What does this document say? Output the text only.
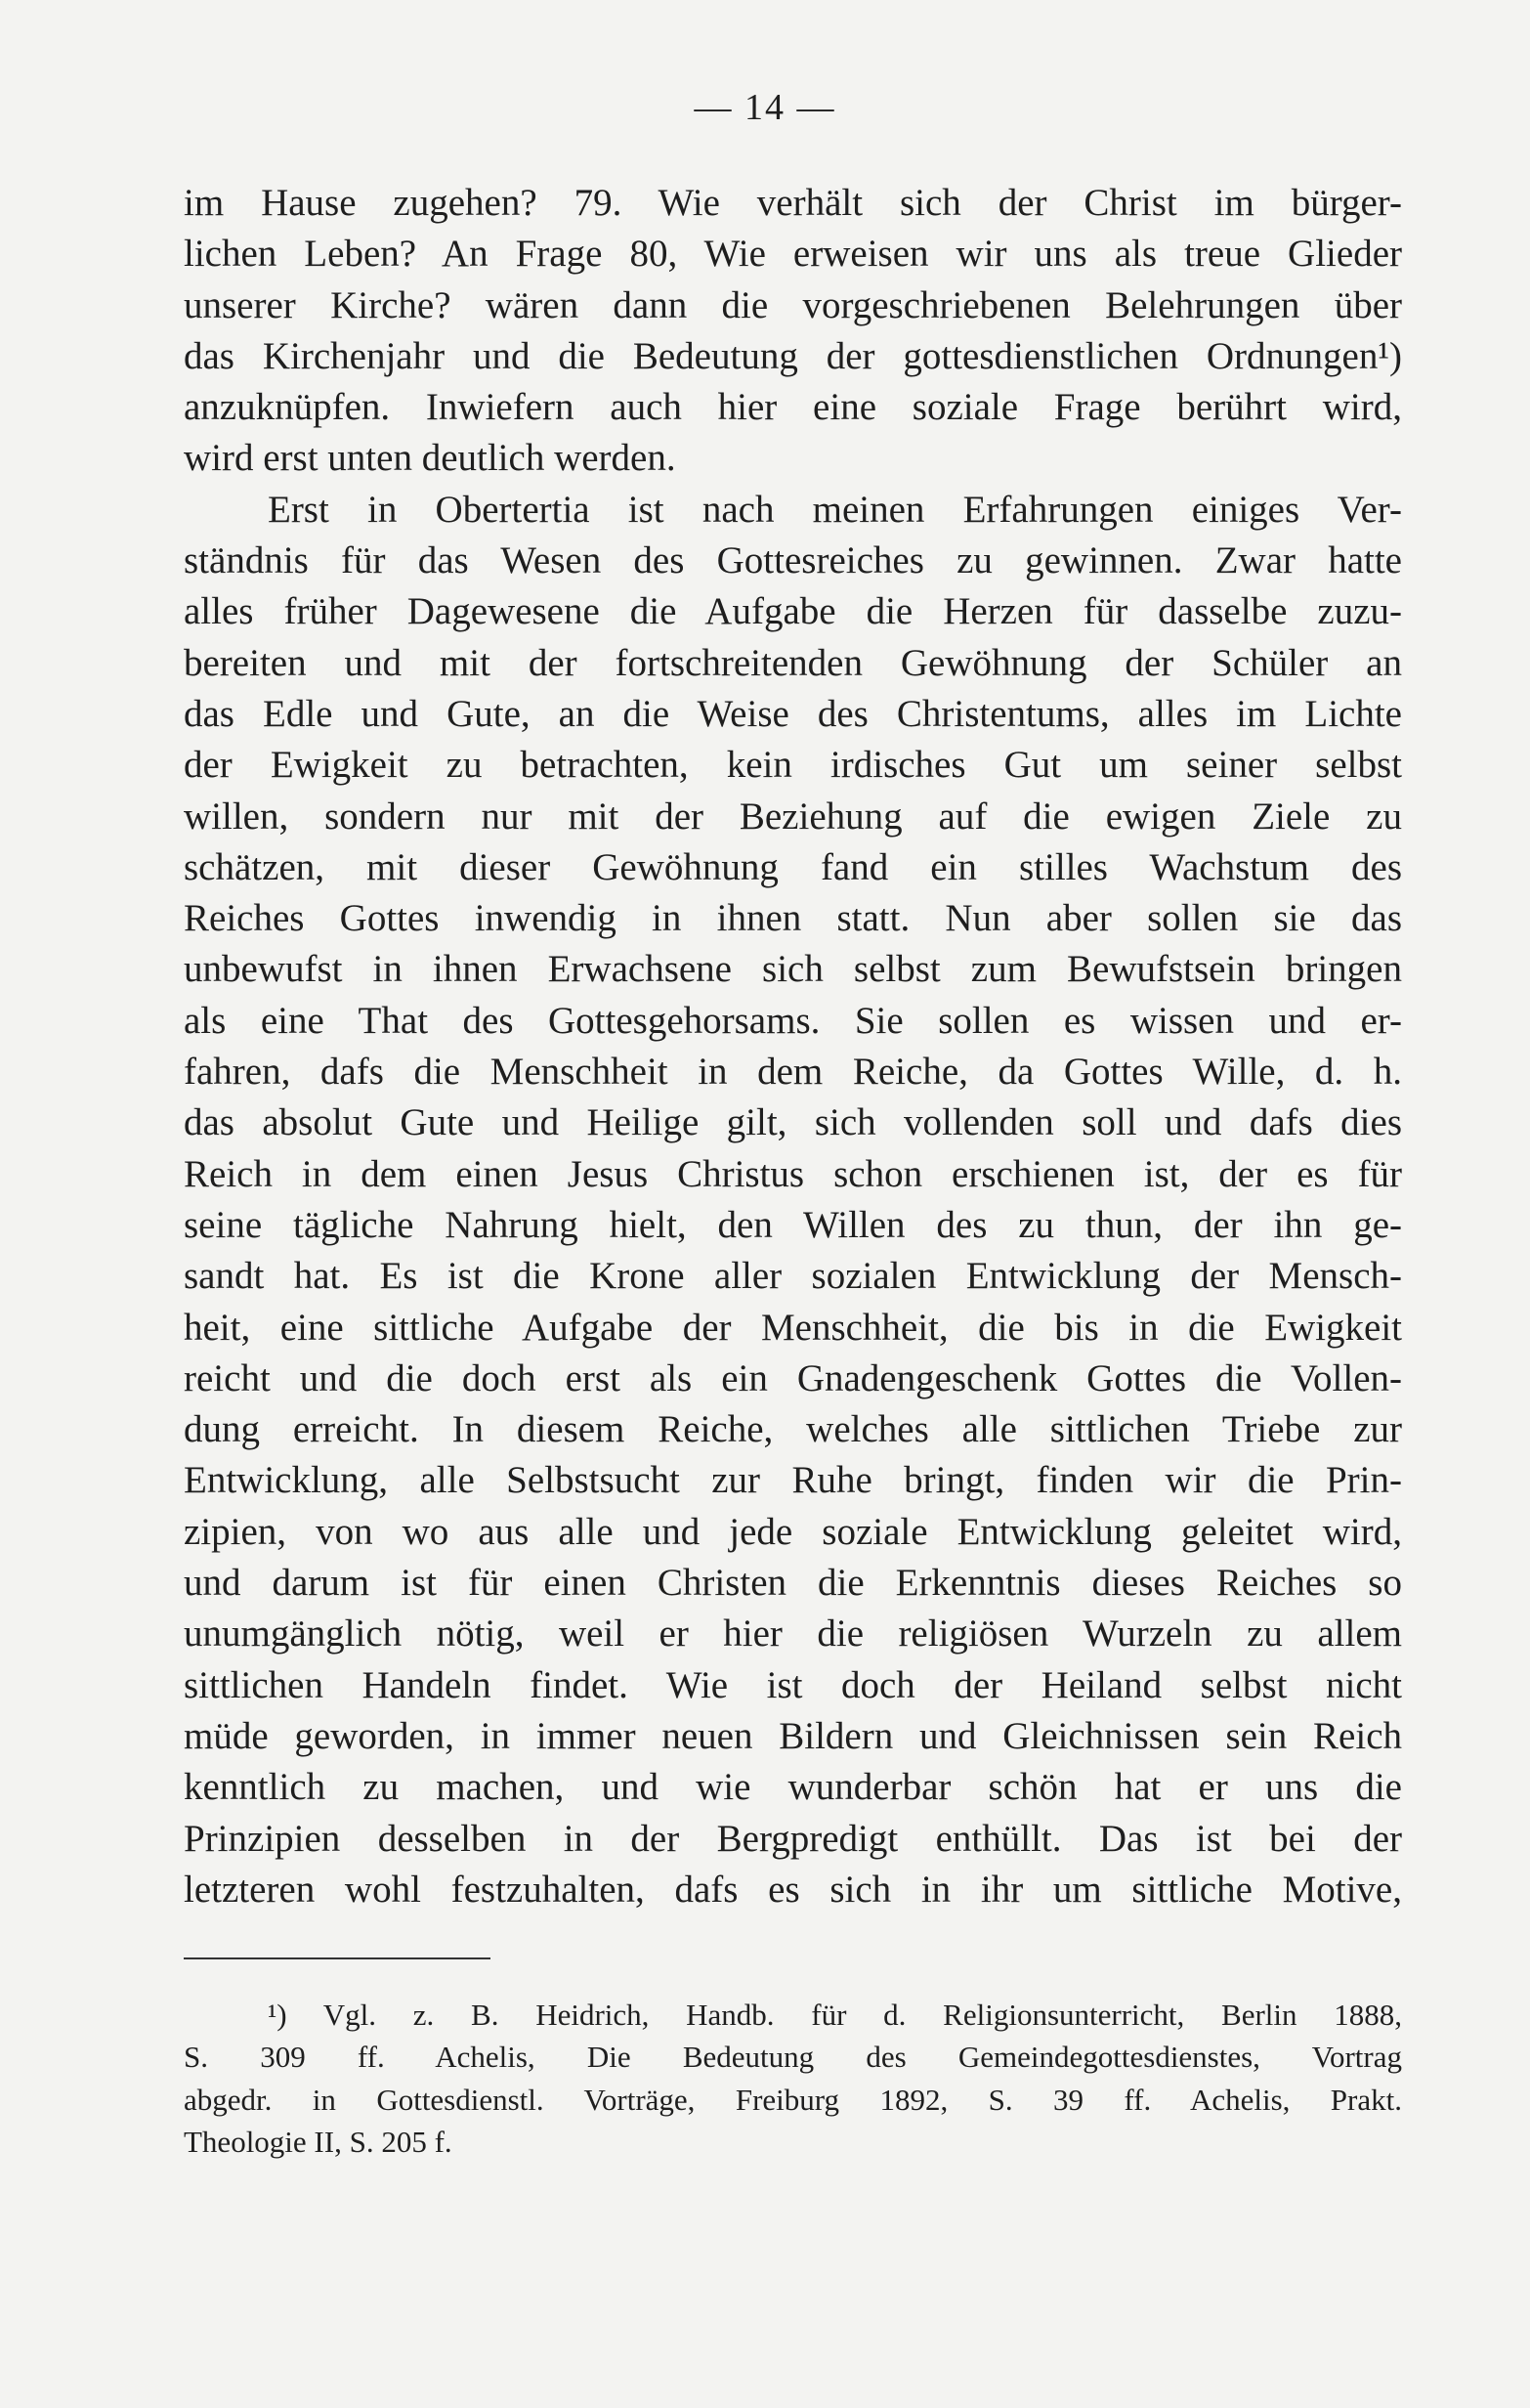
— 14 —
im Hause zugehen? 79. Wie verhält sich der Christ im bürger-
lichen Leben? An Frage 80, Wie erweisen wir uns als treue Glieder
unserer Kirche? wären dann die vorgeschriebenen Belehrungen über
das Kirchenjahr und die Bedeutung der gottesdienstlichen Ordnungen¹)
anzuknüpfen. Inwiefern auch hier eine soziale Frage berührt wird,
wird erst unten deutlich werden.
Erst in Obertertia ist nach meinen Erfahrungen einiges Ver-
ständnis für das Wesen des Gottesreiches zu gewinnen. Zwar hatte
alles früher Dagewesene die Aufgabe die Herzen für dasselbe zuzu-
bereiten und mit der fortschreitenden Gewöhnung der Schüler an
das Edle und Gute, an die Weise des Christentums, alles im Lichte
der Ewigkeit zu betrachten, kein irdisches Gut um seiner selbst
willen, sondern nur mit der Beziehung auf die ewigen Ziele zu
schätzen, mit dieser Gewöhnung fand ein stilles Wachstum des
Reiches Gottes inwendig in ihnen statt. Nun aber sollen sie das
unbewufst in ihnen Erwachsene sich selbst zum Bewufstsein bringen
als eine That des Gottesgehorsams. Sie sollen es wissen und er-
fahren, dafs die Menschheit in dem Reiche, da Gottes Wille, d. h.
das absolut Gute und Heilige gilt, sich vollenden soll und dafs dies
Reich in dem einen Jesus Christus schon erschienen ist, der es für
seine tägliche Nahrung hielt, den Willen des zu thun, der ihn ge-
sandt hat. Es ist die Krone aller sozialen Entwicklung der Mensch-
heit, eine sittliche Aufgabe der Menschheit, die bis in die Ewigkeit
reicht und die doch erst als ein Gnadengeschenk Gottes die Vollen-
dung erreicht. In diesem Reiche, welches alle sittlichen Triebe zur
Entwicklung, alle Selbstsucht zur Ruhe bringt, finden wir die Prin-
zipien, von wo aus alle und jede soziale Entwicklung geleitet wird,
und darum ist für einen Christen die Erkenntnis dieses Reiches so
unumgänglich nötig, weil er hier die religiösen Wurzeln zu allem
sittlichen Handeln findet. Wie ist doch der Heiland selbst nicht
müde geworden, in immer neuen Bildern und Gleichnissen sein Reich
kenntlich zu machen, und wie wunderbar schön hat er uns die
Prinzipien desselben in der Bergpredigt enthüllt. Das ist bei der
letzteren wohl festzuhalten, dafs es sich in ihr um sittliche Motive,
¹) Vgl. z. B. Heidrich, Handb. für d. Religionsunterricht, Berlin 1888,
S. 309 ff. Achelis, Die Bedeutung des Gemeindegottesdienstes, Vortrag
abgedr. in Gottesdienstl. Vorträge, Freiburg 1892, S. 39 ff. Achelis, Prakt.
Theologie II, S. 205 f.
